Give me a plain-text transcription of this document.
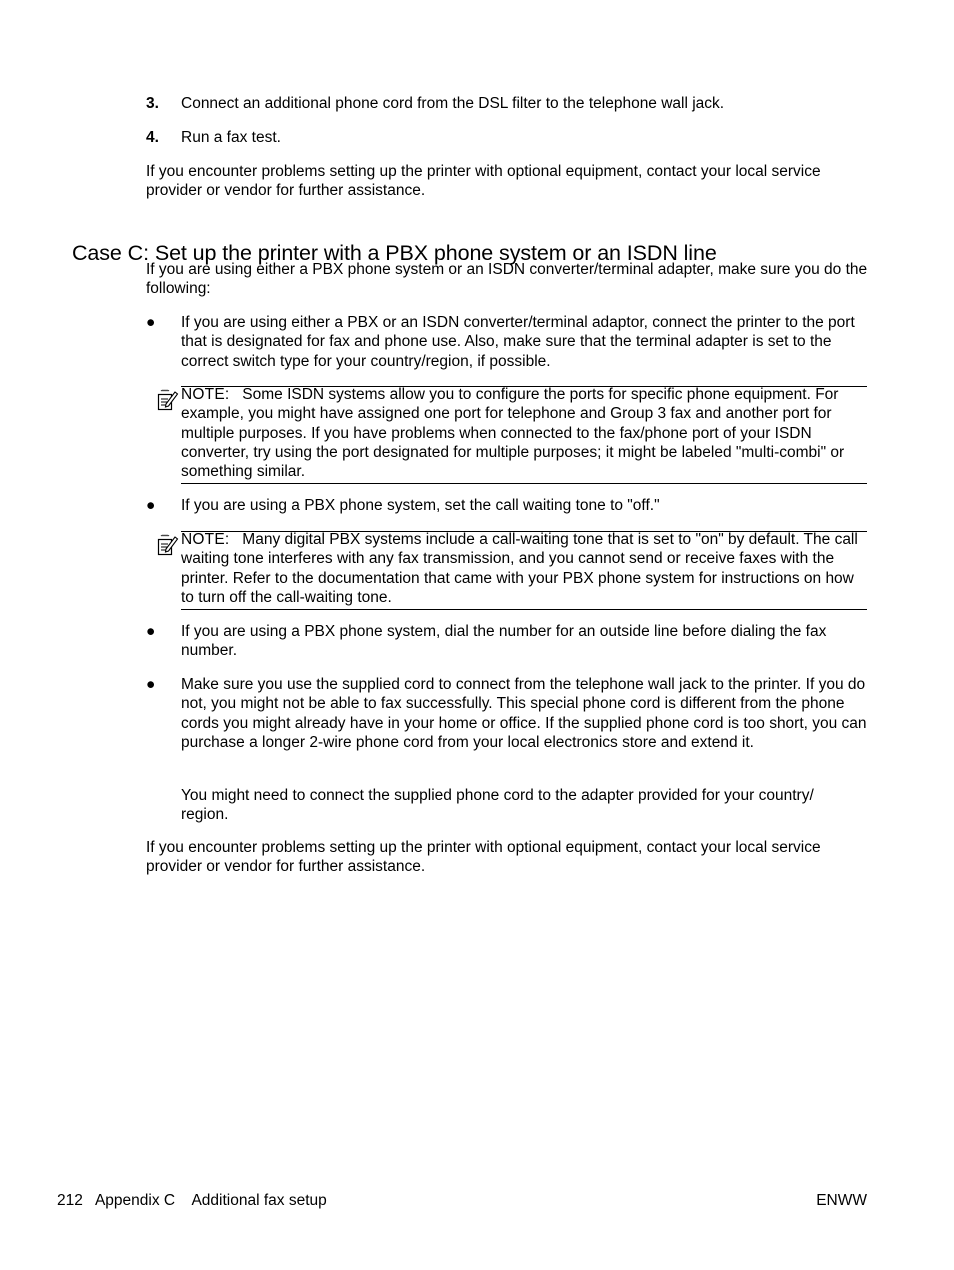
3. Connect an additional phone cord from the DSL filter to the telephone wall jack.
4. Run a fax test.

If you encounter problems setting up the printer with optional equipment, contact your local service provider or vendor for further assistance.

Case C: Set up the printer with a PBX phone system or an ISDN line

If you are using either a PBX phone system or an ISDN converter/terminal adapter, make sure you do the following:

● If you are using either a PBX or an ISDN converter/terminal adaptor, connect the printer to the port that is designated for fax and phone use. Also, make sure that the terminal adapter is set to the correct switch type for your country/region, if possible.

NOTE: Some ISDN systems allow you to configure the ports for specific phone equipment. For example, you might have assigned one port for telephone and Group 3 fax and another port for multiple purposes. If you have problems when connected to the fax/phone port of your ISDN converter, try using the port designated for multiple purposes; it might be labeled "multi-combi" or something similar.

● If you are using a PBX phone system, set the call waiting tone to "off."

NOTE: Many digital PBX systems include a call-waiting tone that is set to "on" by default. The call waiting tone interferes with any fax transmission, and you cannot send or receive faxes with the printer. Refer to the documentation that came with your PBX phone system for instructions on how to turn off the call-waiting tone.

● If you are using a PBX phone system, dial the number for an outside line before dialing the fax number.

● Make sure you use the supplied cord to connect from the telephone wall jack to the printer. If you do not, you might not be able to fax successfully. This special phone cord is different from the phone cords you might already have in your home or office. If the supplied phone cord is too short, you can purchase a longer 2-wire phone cord from your local electronics store and extend it.

You might need to connect the supplied phone cord to the adapter provided for your country/ region.

If you encounter problems setting up the printer with optional equipment, contact your local service provider or vendor for further assistance.

212 Appendix C Additional fax setup	ENWW
